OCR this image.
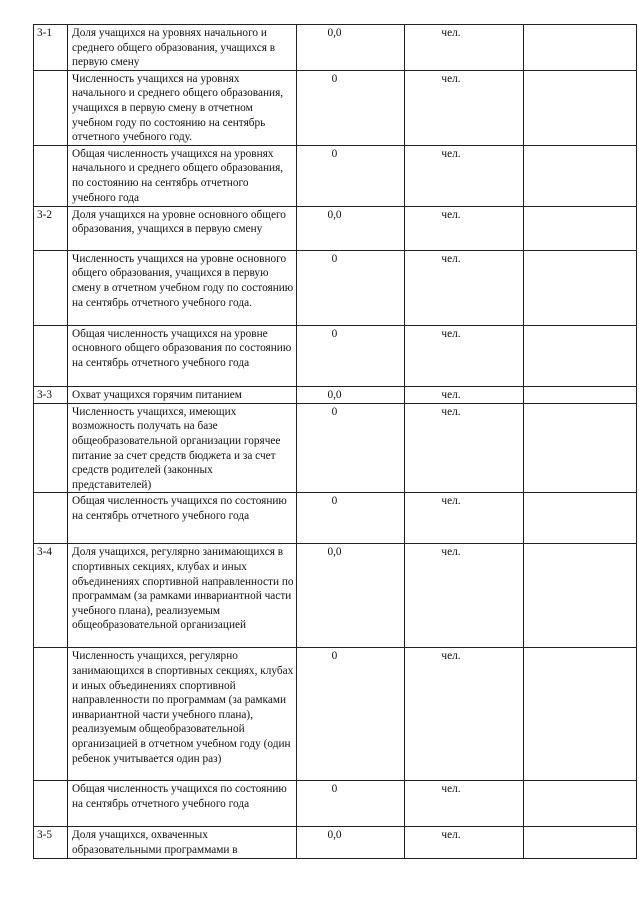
3-1	Доля учащихся на уровнях начального и среднего общего образования, учащихся в первую смену	0,0	чел.	
	Численность учащихся на уровнях начального и среднего общего образования, учащихся в первую смену в отчетном учебном году по состоянию на сентябрь отчетного учебного году.	0	чел.	
	Общая численность учащихся на уровнях начального и среднего общего образования, по состоянию на сентябрь отчетного учебного года	0	чел.	
3-2	Доля учащихся на уровне основного общего образования, учащихся в первую смену	0,0	чел.	
	Численность учащихся на уровне основного общего образования, учащихся в первую смену в отчетном учебном году по состоянию на сентябрь отчетного учебного года.	0	чел.	
	Общая численность учащихся на уровне основного общего образования по состоянию на сентябрь отчетного учебного года	0	чел.	
3-3	Охват учащихся горячим питанием	0,0	чел.	
	Численность учащихся, имеющих возможность получать на базе общеобразовательной организации горячее питание за счет средств бюджета и за счет средств родителей (законных представителей)	0	чел.	
	Общая численность учащихся по состоянию на сентябрь отчетного учебного года	0	чел.	
3-4	Доля учащихся, регулярно занимающихся в спортивных секциях, клубах и иных объединениях спортивной направленности по программам (за рамками инвариантной части учебного плана), реализуемым общеобразовательной организацией	0,0	чел.	
	Численность учащихся, регулярно занимающихся в спортивных секциях, клубах и иных объединениях спортивной направленности по программам (за рамками инвариантной части учебного плана), реализуемым общеобразовательной организацией в отчетном учебном году (один ребенок учитывается один раз)	0	чел.	
	Общая численность учащихся по состоянию на сентябрь отчетного учебного года	0	чел.	
3-5	Доля учащихся, охваченных образовательными программами в	0,0	чел.	
